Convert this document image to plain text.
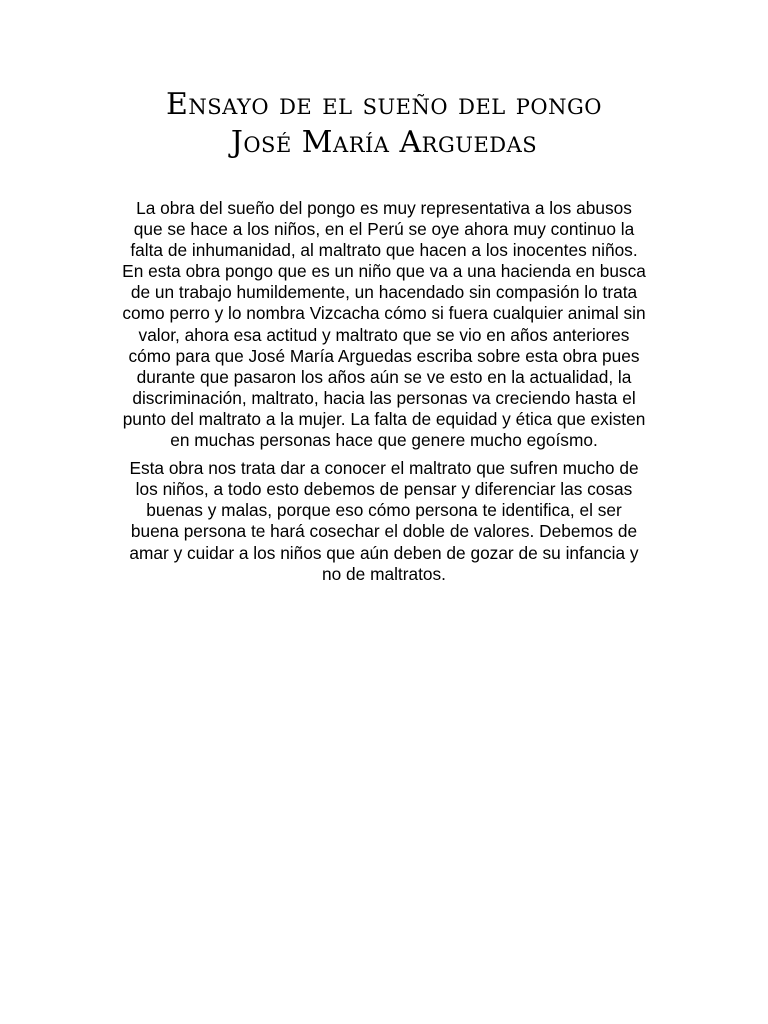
Ensayo de el sueño del pongo
José María Arguedas

La obra del sueño del pongo es muy representativa a los abusos
que se hace a los niños, en el Perú se oye ahora muy continuo la
falta de inhumanidad, al maltrato que hacen a los inocentes niños.
En esta obra pongo que es un niño que va a una hacienda en busca
de un trabajo humildemente, un hacendado sin compasión lo trata
como perro y lo nombra Vizcacha cómo si fuera cualquier animal sin
valor, ahora esa actitud y maltrato que se vio en años anteriores
cómo para que José María Arguedas escriba sobre esta obra pues
durante que pasaron los años aún se ve esto en la actualidad, la
discriminación, maltrato, hacia las personas va creciendo hasta el
punto del maltrato a la mujer. La falta de equidad y ética que existen
en muchas personas hace que genere mucho egoísmo.

Esta obra nos trata dar a conocer el maltrato que sufren mucho de
los niños, a todo esto debemos de pensar y diferenciar las cosas
buenas y malas, porque eso cómo persona te identifica, el ser
buena persona te hará cosechar el doble de valores. Debemos de
amar y cuidar a los niños que aún deben de gozar de su infancia y
no de maltratos.
